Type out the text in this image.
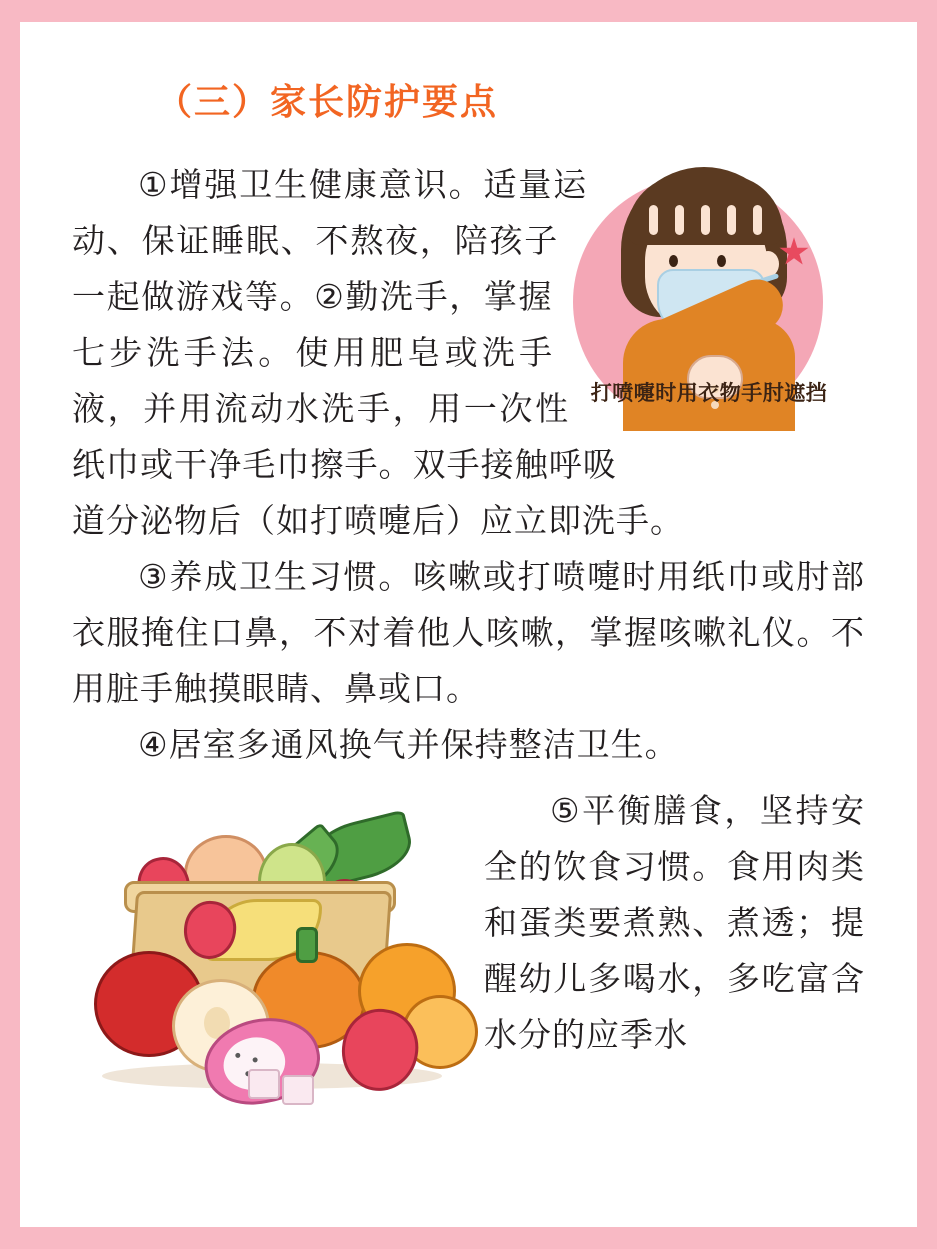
（三）家长防护要点
打喷嚏时用衣物手肘遮挡

①增强卫生健康意识。适量运动、保证睡眠、不熬夜，陪孩子一起做游戏等。②勤洗手，掌握七步洗手法。使用肥皂或洗手液，并用流动水洗手，用一次性纸巾或干净毛巾擦手。双手接触呼吸道分泌物后（如打喷嚏后）应立即洗手。

③养成卫生习惯。咳嗽或打喷嚏时用纸巾或肘部衣服掩住口鼻，不对着他人咳嗽，掌握咳嗽礼仪。不用脏手触摸眼睛、鼻或口。

④居室多通风换气并保持整洁卫生。

⑤平衡膳食，坚持安全的饮食习惯。食用肉类和蛋类要煮熟、煮透；提醒幼儿多喝水，多吃富含水分的应季水
